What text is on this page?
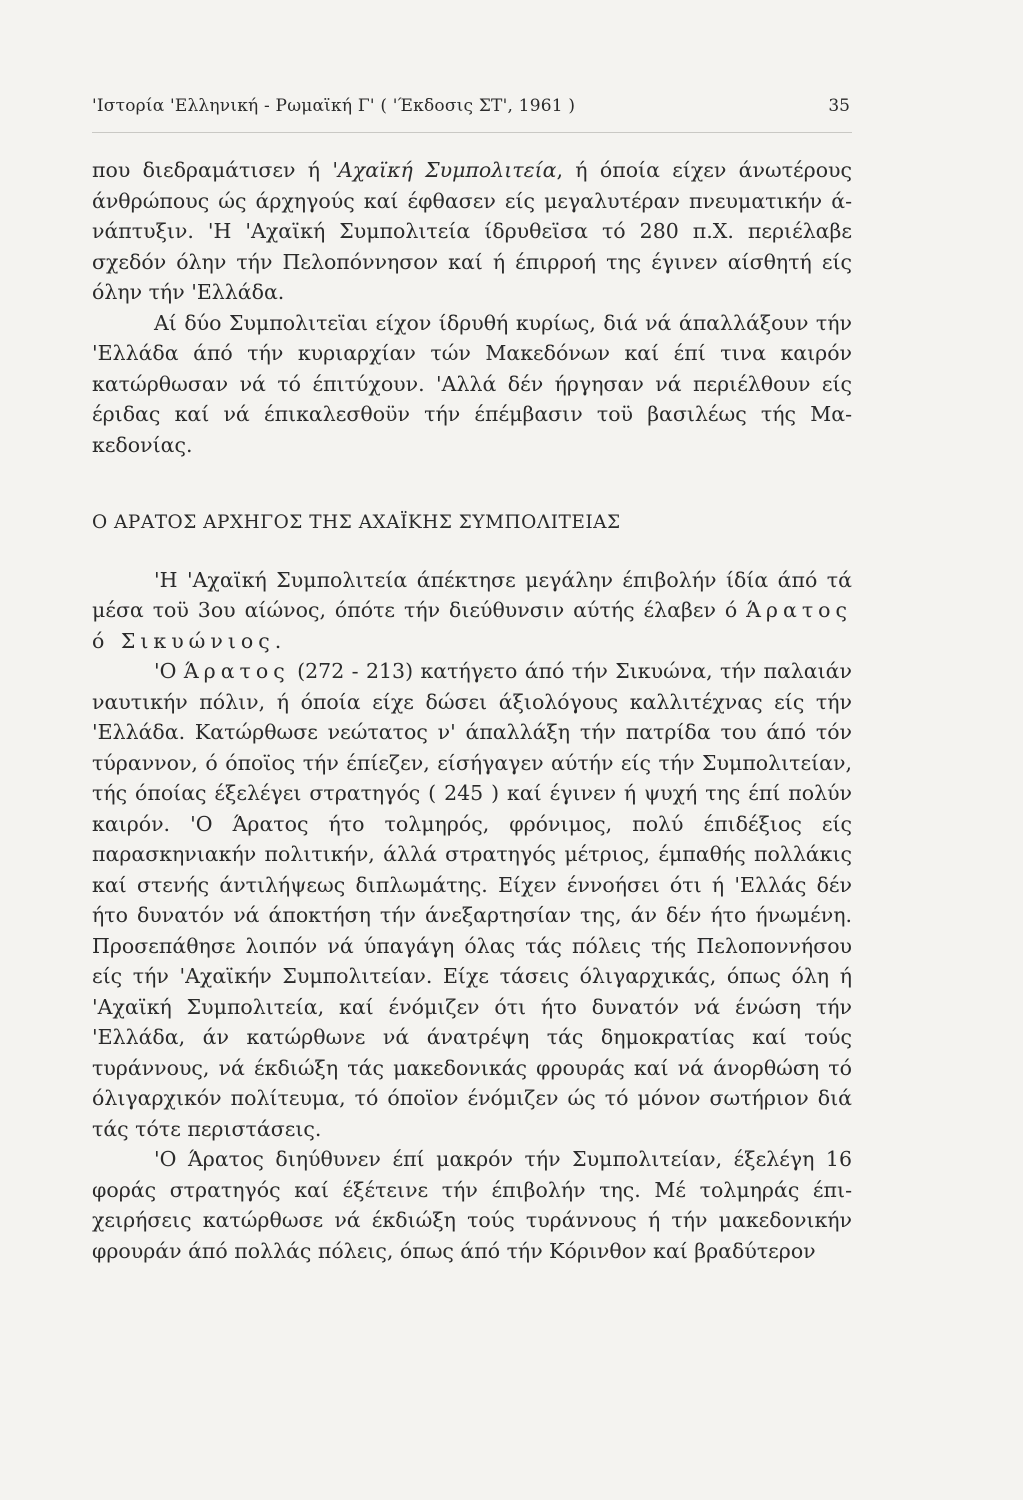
'Ιστορία 'Ελληνική - Ρωμαϊκή Γ' ( 'Έκδοσις ΣΤ', 1961 )	35

που διεδραμάτισεν ή 'Αχαϊκή Συμπολιτεία, ή όποία είχεν άνωτέρους άνθρώπους ώς άρχηγούς καί έφθασεν είς μεγαλυτέραν πνευματικήν άνάπτυξιν. 'Η 'Αχαϊκή Συμπολιτεία ίδρυθεϊσα τό 280 π.Χ. περιέλαβε σχεδόν όλην τήν Πελοπόννησον καί ή έπιρροή της έγινεν αίσθητή είς όλην τήν 'Ελλάδα.

Αί δύο Συμπολιτεϊαι είχον ίδρυθή κυρίως, διά νά άπαλλάξουν τήν 'Ελλάδα άπό τήν κυριαρχίαν τών Μακεδόνων καί έπί τινα καιρόν κατώρθωσαν νά τό έπιτύχουν. 'Αλλά δέν ήργησαν νά περιέλθουν είς έριδας καί νά έπικαλεσθοϋν τήν έπέμβασιν τοϋ βασιλέως τής Μακεδονίας.

Ο ΑΡΑΤΟΣ ΑΡΧΗΓΟΣ ΤΗΣ ΑΧΑΪΚΗΣ ΣΥΜΠΟΛΙΤΕΙΑΣ

'Η 'Αχαϊκή Συμπολιτεία άπέκτησε μεγάλην έπιβολήν ίδία άπό τά μέσα τοϋ 3ου αίώνος, όπότε τήν διεύθυνσιν αύτής έλαβεν ό Άρατος ό Σικυώνιος.

'Ο Άρατος (272 - 213) κατήγετο άπό τήν Σικυώνα, τήν παλαιάν ναυτικήν πόλιν, ή όποία είχε δώσει άξιολόγους καλλιτέχνας είς τήν 'Ελλάδα. Κατώρθωσε νεώτατος ν' άπαλλάξη τήν πατρίδα του άπό τόν τύραννον, ό όποϊος τήν έπίεζεν, είσήγαγεν αύτήν είς τήν Συμπολιτείαν, τής όποίας έξελέγει στρατηγός ( 245 ) καί έγινεν ή ψυχή της έπί πολύν καιρόν. 'Ο Άρατος ήτο τολμηρός, φρόνιμος, πολύ έπιδέξιος είς παρασκηνιακήν πολιτικήν, άλλά στρατηγός μέτριος, έμπαθής πολλάκις καί στενής άντιλήψεως διπλωμάτης. Είχεν έννοήσει ότι ή 'Ελλάς δέν ήτο δυνατόν νά άποκτήση τήν άνεξαρτησίαν της, άν δέν ήτο ήνωμένη. Προσεπάθησε λοιπόν νά ύπαγάγη όλας τάς πόλεις τής Πελοποννήσου είς τήν 'Αχαϊκήν Συμπολιτείαν. Είχε τάσεις όλιγαρχικάς, όπως όλη ή 'Αχαϊκή Συμπολιτεία, καί ένόμιζεν ότι ήτο δυνατόν νά ένώση τήν 'Ελλάδα, άν κατώρθωνε νά άνατρέψη τάς δημοκρατίας καί τούς τυράννους, νά έκδιώξη τάς μακεδονικάς φρουράς καί νά άνορθώση τό όλιγαρχικόν πολίτευμα, τό όποϊον ένόμιζεν ώς τό μόνον σωτήριον διά τάς τότε περιστάσεις.

'Ο Άρατος διηύθυνεν έπί μακρόν τήν Συμπολιτείαν, έξελέγη 16 φοράς στρατηγός καί έξέτεινε τήν έπιβολήν της. Μέ τολμηράς έπιχειρήσεις κατώρθωσε νά έκδιώξη τούς τυράννους ή τήν μακεδονικήν φρουράν άπό πολλάς πόλεις, όπως άπό τήν Κόρινθον καί βραδύτερον
